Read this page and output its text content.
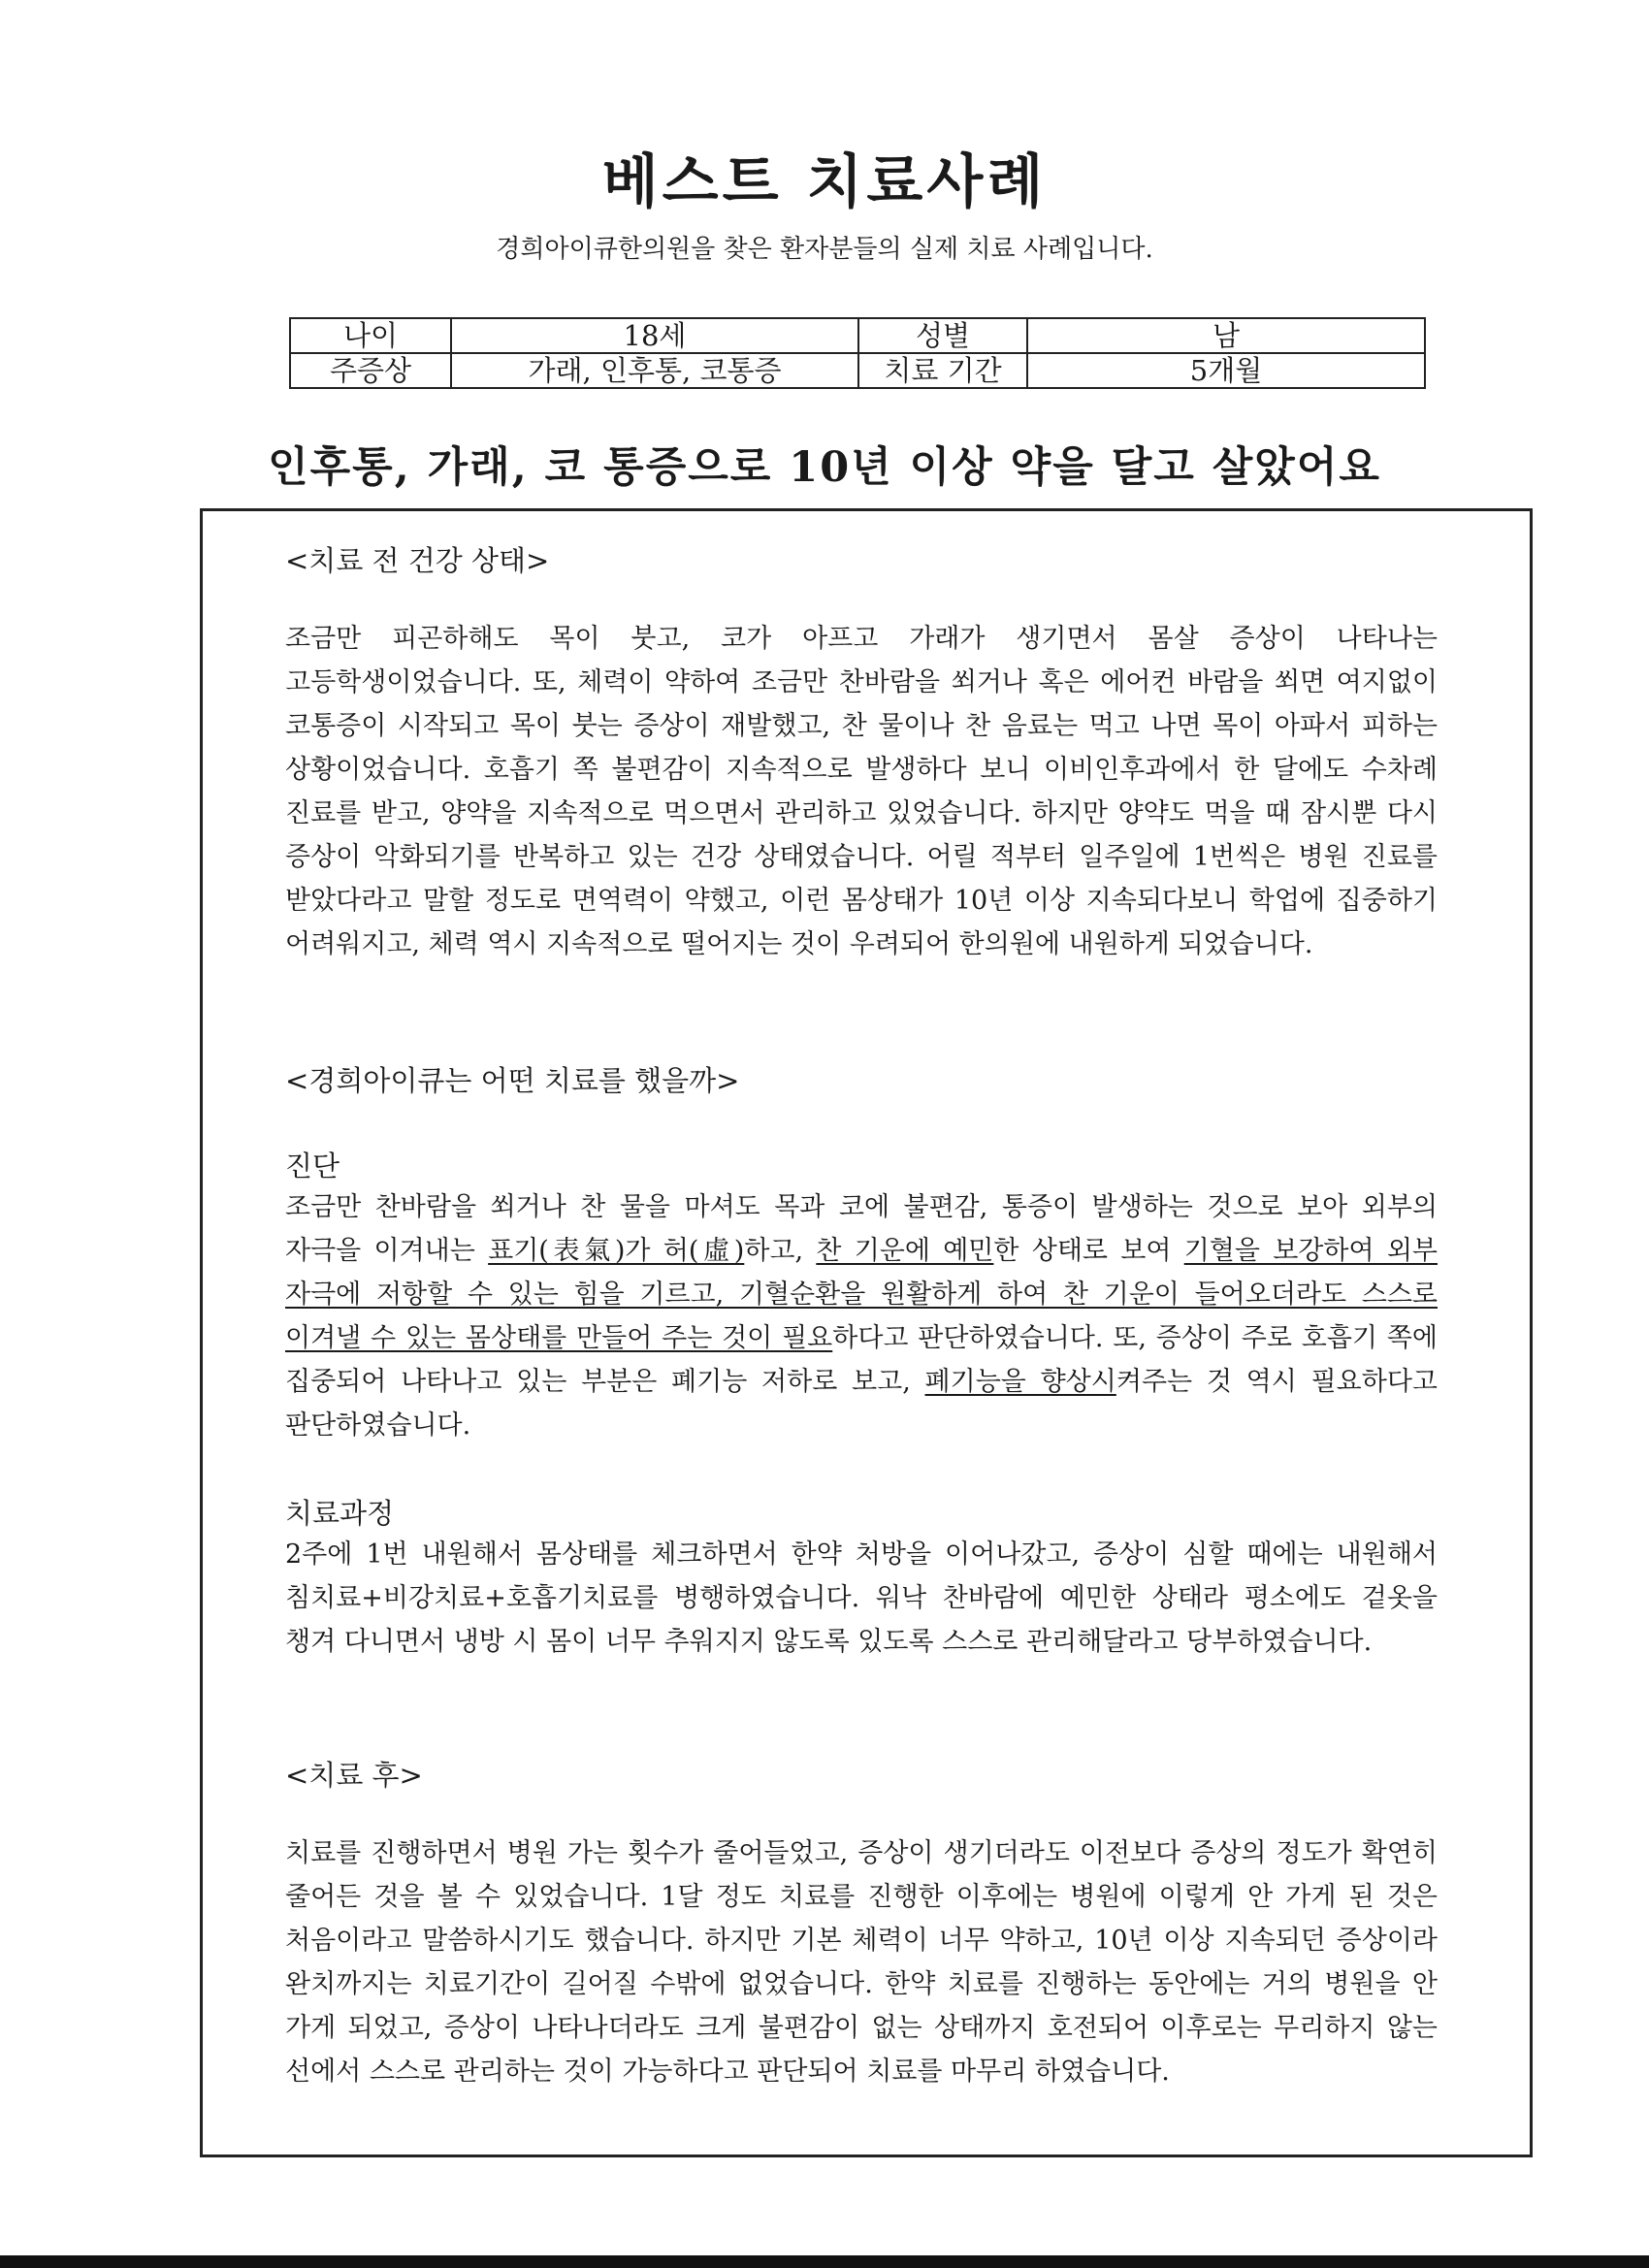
베스트 치료사례
경희아이큐한의원을 찾은 환자분들의 실제 치료 사례입니다.
나이	18세	성별	남
주증상	가래, 인후통, 코통증	치료 기간	5개월
인후통, 가래, 코 통증으로 10년 이상 약을 달고 살았어요
<치료 전 건강 상태>

조금만 피곤하해도 목이 붓고, 코가 아프고 가래가 생기면서 몸살 증상이 나타나는 고등학생이었습니다. 또, 체력이 약하여 조금만 찬바람을 쐬거나 혹은 에어컨 바람을 쐬면 여지없이 코통증이 시작되고 목이 붓는 증상이 재발했고, 찬 물이나 찬 음료는 먹고 나면 목이 아파서 피하는 상황이었습니다. 호흡기 쪽 불편감이 지속적으로 발생하다 보니 이비인후과에서 한 달에도 수차례 진료를 받고, 양약을 지속적으로 먹으면서 관리하고 있었습니다. 하지만 양약도 먹을 때 잠시뿐 다시 증상이 악화되기를 반복하고 있는 건강 상태였습니다. 어릴 적부터 일주일에 1번씩은 병원 진료를 받았다라고 말할 정도로 면역력이 약했고, 이런 몸상태가 10년 이상 지속되다보니 학업에 집중하기 어려워지고, 체력 역시 지속적으로 떨어지는 것이 우려되어 한의원에 내원하게 되었습니다.

<경희아이큐는 어떤 치료를 했을까>
진단

조금만 찬바람을 쐬거나 찬 물을 마셔도 목과 코에 불편감, 통증이 발생하는 것으로 보아 외부의 자극을 이겨내는 표기(表氣)가 허(虛)하고, 찬 기운에 예민한 상태로 보여 기혈을 보강하여 외부 자극에 저항할 수 있는 힘을 기르고, 기혈순환을 원활하게 하여 찬 기운이 들어오더라도 스스로 이겨낼 수 있는 몸상태를 만들어 주는 것이 필요하다고 판단하였습니다. 또, 증상이 주로 호흡기 쪽에 집중되어 나타나고 있는 부분은 폐기능 저하로 보고, 폐기능을 향상시켜주는 것 역시 필요하다고 판단하였습니다.

치료과정

2주에 1번 내원해서 몸상태를 체크하면서 한약 처방을 이어나갔고, 증상이 심할 때에는 내원해서 침치료+비강치료+호흡기치료를 병행하였습니다. 워낙 찬바람에 예민한 상태라 평소에도 겉옷을 챙겨 다니면서 냉방 시 몸이 너무 추워지지 않도록 있도록 스스로 관리해달라고 당부하였습니다.

<치료 후>

치료를 진행하면서 병원 가는 횟수가 줄어들었고, 증상이 생기더라도 이전보다 증상의 정도가 확연히 줄어든 것을 볼 수 있었습니다. 1달 정도 치료를 진행한 이후에는 병원에 이렇게 안 가게 된 것은 처음이라고 말씀하시기도 했습니다. 하지만 기본 체력이 너무 약하고, 10년 이상 지속되던 증상이라 완치까지는 치료기간이 길어질 수밖에 없었습니다. 한약 치료를 진행하는 동안에는 거의 병원을 안 가게 되었고, 증상이 나타나더라도 크게 불편감이 없는 상태까지 호전되어 이후로는 무리하지 않는 선에서 스스로 관리하는 것이 가능하다고 판단되어 치료를 마무리 하였습니다.
